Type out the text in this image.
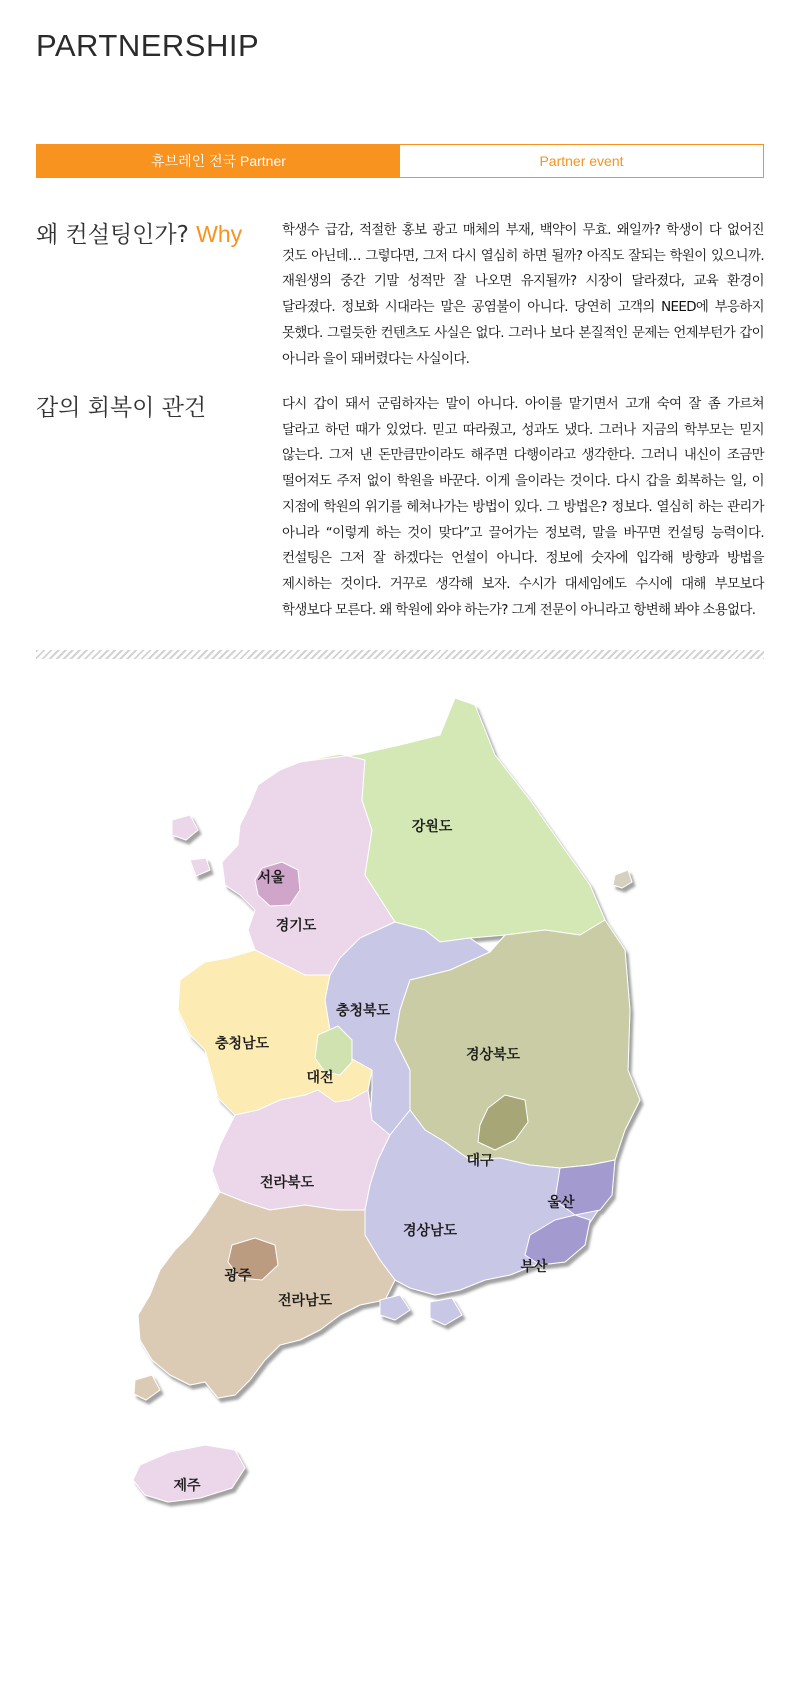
PARTNERSHIP
휴브레인 전국 Partner	Partner event
왜 컨설팅인가? Why	학생수 급감, 적절한 홍보 광고 매체의 부재, 백약이 무효. 왜일까? 학생이 다 없어진 것도 아닌데… 그렇다면, 그저 다시 열심히 하면 될까? 아직도 잘되는 학원이 있으니까. 재원생의 중간 기말 성적만 잘 나오면 유지될까? 시장이 달라졌다, 교육 환경이 달라졌다. 정보화 시대라는 말은 공염불이 아니다. 당연히 고객의 NEED에 부응하지 못했다. 그럴듯한 컨텐츠도 사실은 없다. 그러나 보다 본질적인 문제는 언제부턴가 갑이 아니라 을이 돼버렸다는 사실이다.
갑의 회복이 관건	다시 갑이 돼서 군림하자는 말이 아니다. 아이를 맡기면서 고개 숙여 잘 좀 가르쳐 달라고 하던 때가 있었다. 믿고 따라줬고, 성과도 냈다. 그러나 지금의 학부모는 믿지 않는다. 그저 낸 돈만큼만이라도 해주면 다행이라고 생각한다. 그러니 내신이 조금만 떨어져도 주저 없이 학원을 바꾼다. 이게 을이라는 것이다. 다시 갑을 회복하는 일, 이 지점에 학원의 위기를 헤쳐나가는 방법이 있다. 그 방법은? 정보다. 열심히 하는 관리가 아니라 “이렇게 하는 것이 맞다”고 끌어가는 정보력, 말을 바꾸면 컨설팅 능력이다. 컨설팅은 그저 잘 하겠다는 언설이 아니다. 정보에 숫자에 입각해 방향과 방법을 제시하는 것이다. 거꾸로 생각해 보자. 수시가 대세임에도 수시에 대해 부모보다 학생보다 모른다. 왜 학원에 와야 하는가? 그게 전문이 아니라고 항변해 봐야 소용없다.
강원도
서울
경기도
충청북도
충청남도
대전
경상북도
대구
전라북도
경상남도
울산
부산
광주
전라남도
제주
